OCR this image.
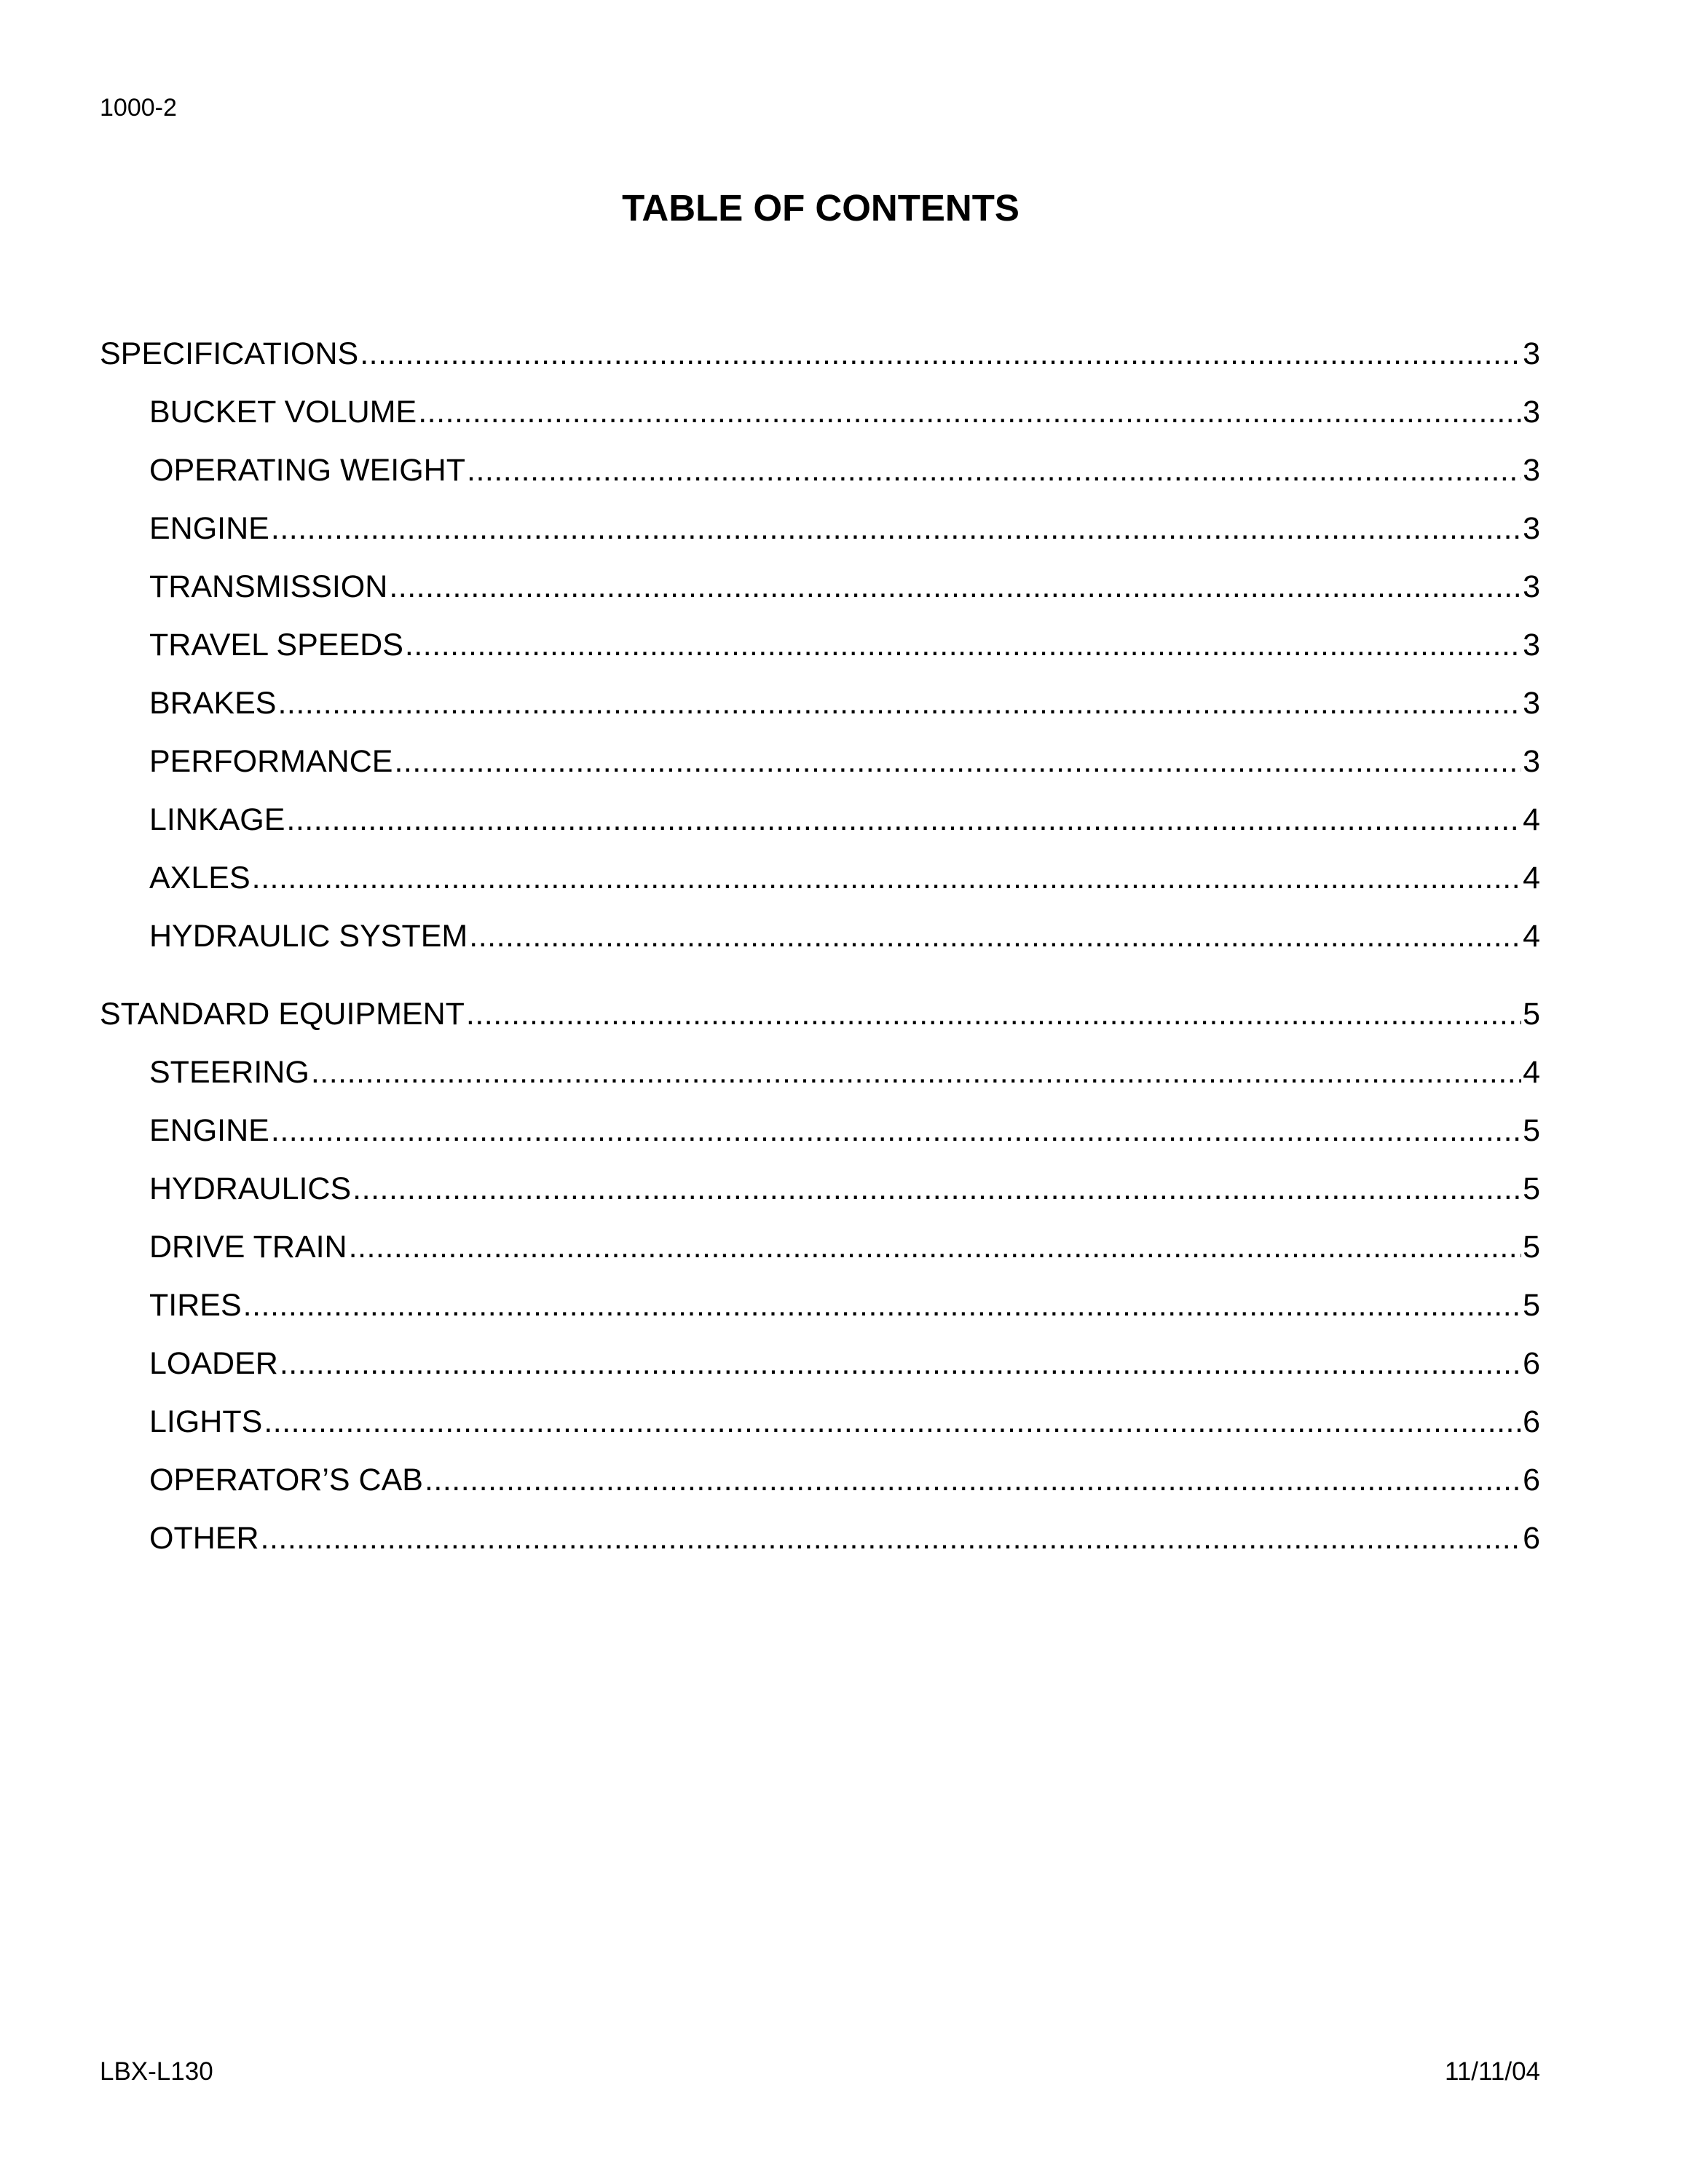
1000-2
TABLE OF CONTENTS
SPECIFICATIONS .....	3
BUCKET VOLUME .....	3
OPERATING WEIGHT .....	3
ENGINE .....	3
TRANSMISSION .....	3
TRAVEL SPEEDS .....	3
BRAKES .....	3
PERFORMANCE .....	3
LINKAGE .....	4
AXLES .....	4
HYDRAULIC SYSTEM .....	4
STANDARD EQUIPMENT .....	5
STEERING .....	4
ENGINE .....	5
HYDRAULICS .....	5
DRIVE TRAIN .....	5
TIRES .....	5
LOADER .....	6
LIGHTS .....	6
OPERATOR’S CAB .....	6
OTHER .....	6
LBX-L130	11/11/04
